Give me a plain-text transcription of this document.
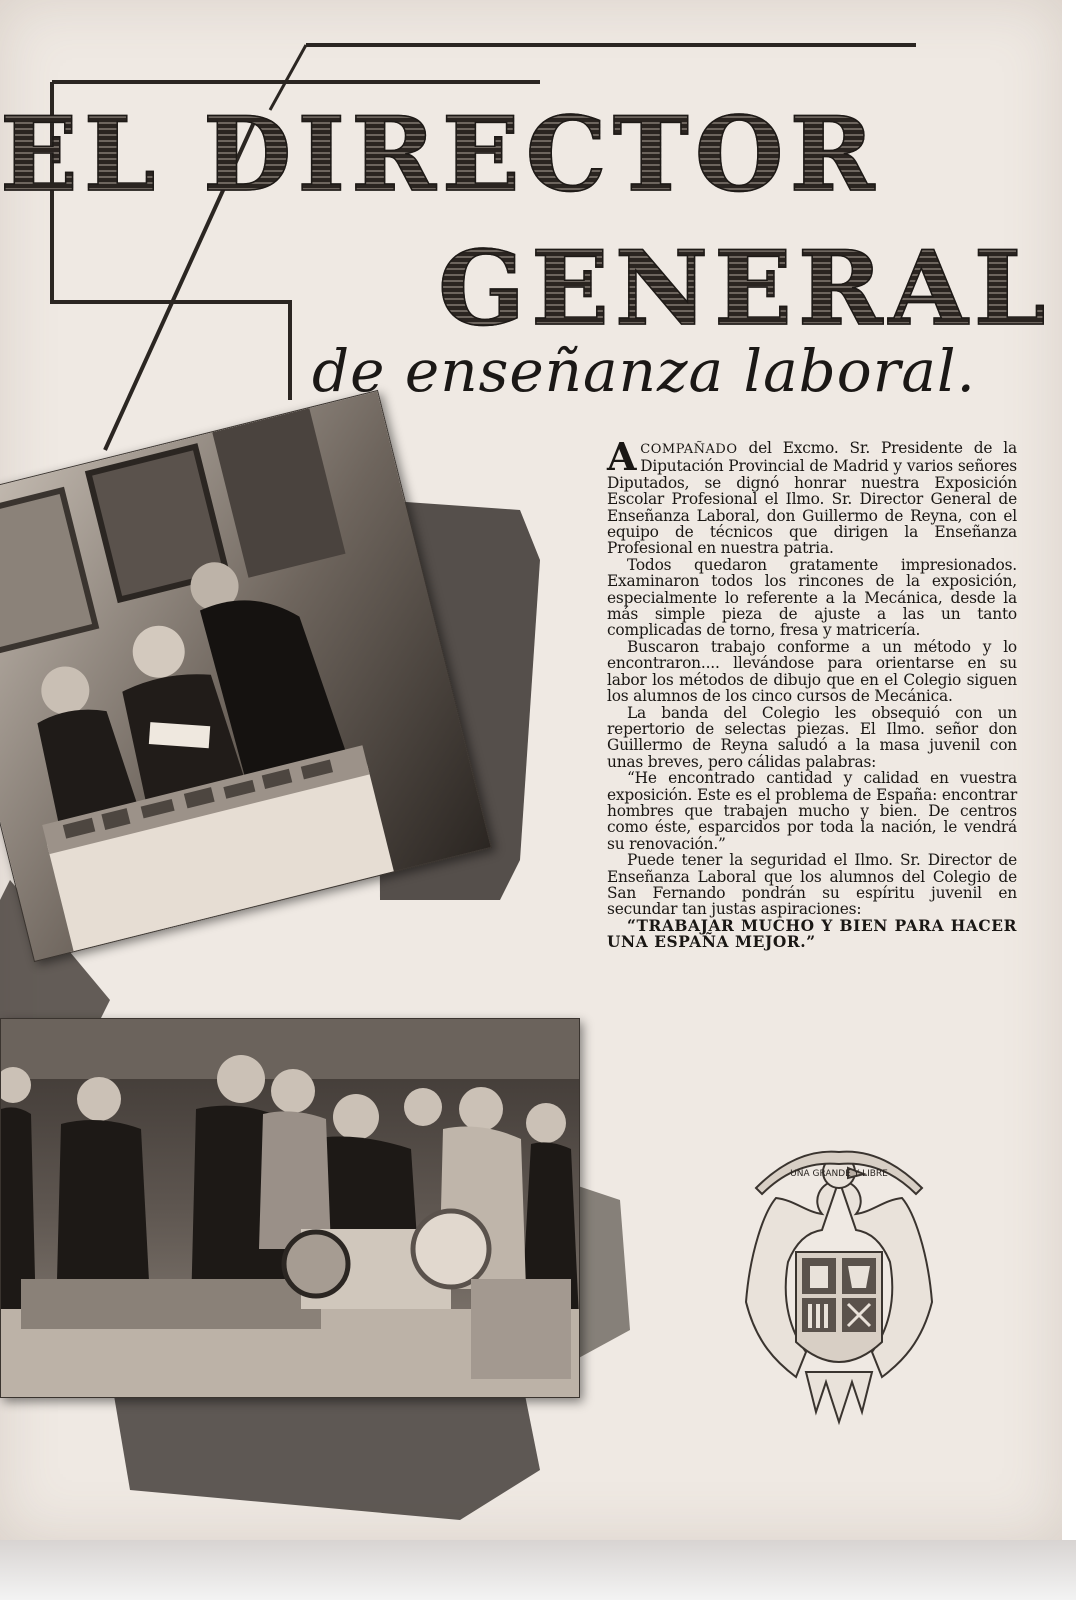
EL DIRECTOR
GENERAL
de enseñanza laboral.

ACOMPAÑADO del Excmo. Sr. Presidente de la Diputación Provincial de Madrid y varios señores Diputados, se dignó honrar nuestra Exposición Escolar Profesional el Ilmo. Sr. Director General de Enseñanza Laboral, don Guillermo de Reyna, con el equipo de técnicos que dirigen la Enseñanza Profesional en nuestra patria.

Todos quedaron gratamente impresionados. Examinaron todos los rincones de la exposición, especialmente lo referente a la Mecánica, desde la más simple pieza de ajuste a las un tanto complicadas de torno, fresa y matricería.

Buscaron trabajo conforme a un método y lo encontraron.... llevándose para orientarse en su labor los métodos de dibujo que en el Colegio siguen los alumnos de los cinco cursos de Mecánica.

La banda del Colegio les obsequió con un repertorio de selectas piezas. El Ilmo. señor don Guillermo de Reyna saludó a la masa juvenil con unas breves, pero cálidas palabras:

“He encontrado cantidad y calidad en vuestra exposición. Este es el problema de España: encontrar hombres que trabajen mucho y bien. De centros como éste, esparcidos por toda la nación, le vendrá su renovación.”

Puede tener la seguridad el Ilmo. Sr. Director de Enseñanza Laboral que los alumnos del Colegio de San Fernando pondrán su espíritu juvenil en secundar tan justas aspiraciones:

“TRABAJAR MUCHO Y BIEN PARA HACER UNA ESPAÑA MEJOR.”

UNA GRANDE Y LIBRE
